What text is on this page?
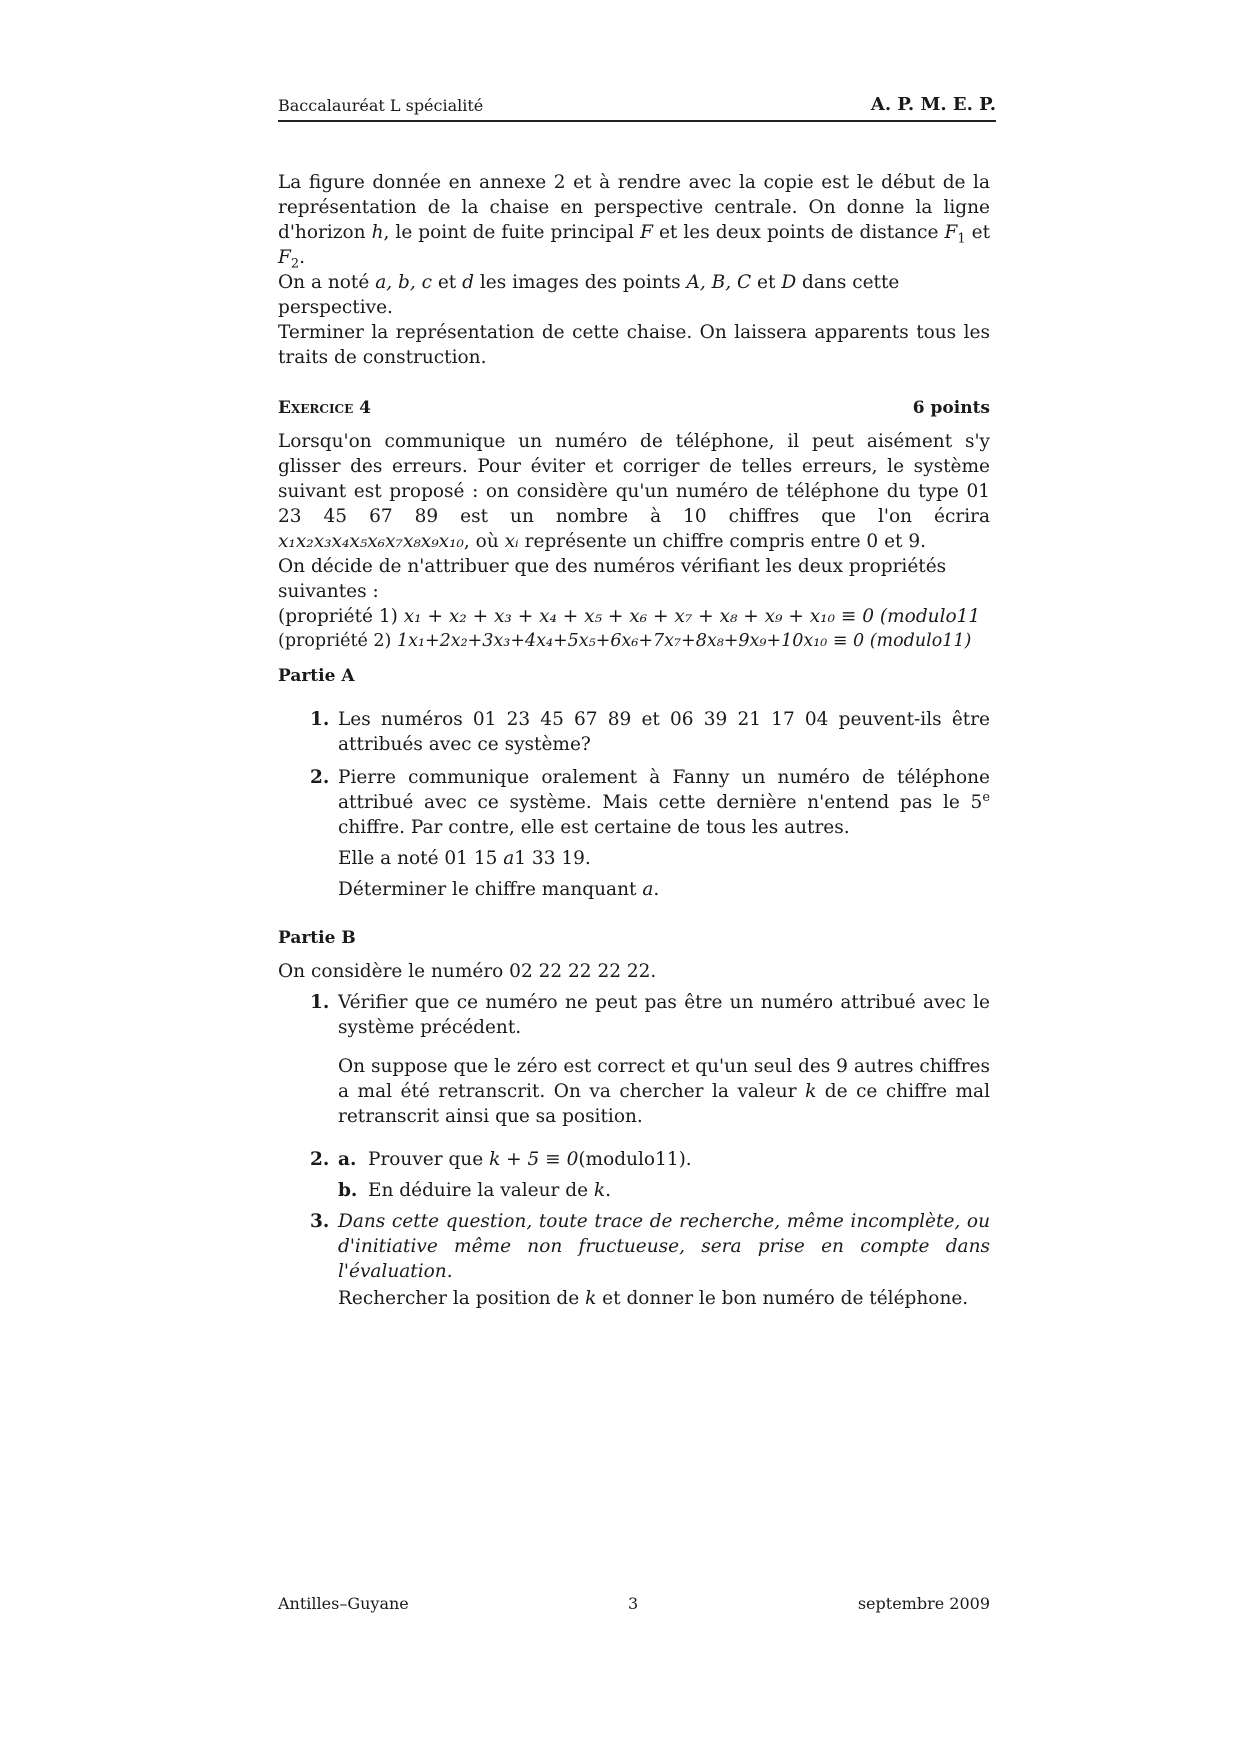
Baccalauréat L spécialité	A. P. M. E. P.

La figure donnée en annexe 2 et à rendre avec la copie est le début de la représentation de la chaise en perspective centrale. On donne la ligne d'horizon h, le point de fuite principal F et les deux points de distance $F_1$ et $F_2$.

On a noté a, b, c et d les images des points A, B, C et D dans cette perspective.

Terminer la représentation de cette chaise. On laissera apparents tous les traits de construction.

Exercice 4	6 points

Lorsqu'on communique un numéro de téléphone, il peut aisément s'y glisser des erreurs. Pour éviter et corriger de telles erreurs, le système suivant est proposé : on considère qu'un numéro de téléphone du type 01 23 45 67 89 est un nombre à 10 chiffres que l'on écrira x₁x₂x₃x₄x₅x₆x₇x₈x₉x₁₀, où xᵢ représente un chiffre compris entre 0 et 9.

On décide de n'attribuer que des numéros vérifiant les deux propriétés suivantes :

(propriété 1) x₁ + x₂ + x₃ + x₄ + x₅ + x₆ + x₇ + x₈ + x₉ + x₁₀ ≡ 0 (modulo11

(propriété 2) 1x₁+2x₂+3x₃+4x₄+5x₅+6x₆+7x₇+8x₈+9x₉+10x₁₀ ≡ 0 (modulo11)

Partie A

1. Les numéros 01 23 45 67 89 et 06 39 21 17 04 peuvent-ils être attribués avec ce système?
2. Pierre communique oralement à Fanny un numéro de téléphone attribué avec ce système. Mais cette dernière n'entend pas le 5e chiffre. Par contre, elle est certaine de tous les autres.

Elle a noté 01 15 a1 33 19.

Déterminer le chiffre manquant a.

Partie B

On considère le numéro 02 22 22 22 22.

1. Vérifier que ce numéro ne peut pas être un numéro attribué avec le système précédent.

On suppose que le zéro est correct et qu'un seul des 9 autres chiffres a mal été retranscrit. On va chercher la valeur k de ce chiffre mal retranscrit ainsi que sa position.

2. a. Prouver que k + 5 ≡ 0(modulo11).
b. En déduire la valeur de k.
3. Dans cette question, toute trace de recherche, même incomplète, ou d'initiative même non fructueuse, sera prise en compte dans l'évaluation.

Rechercher la position de k et donner le bon numéro de téléphone.

Antilles–Guyane	3	septembre 2009
